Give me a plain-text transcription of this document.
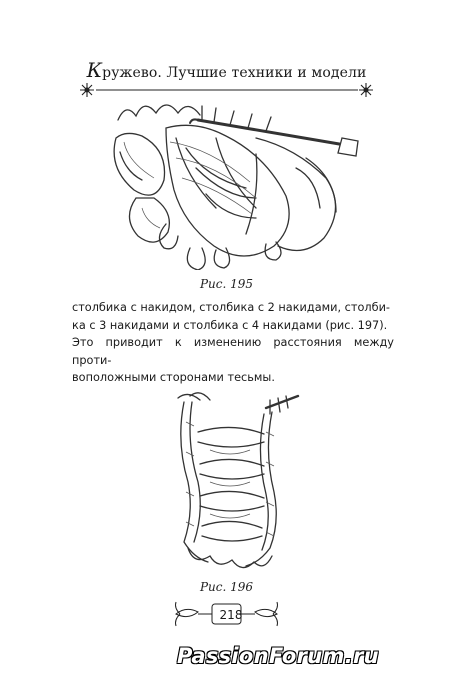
Кружево. Лучшие техники и модели
Рис. 195
столбика с накидом, столбика с 2 накидами, столби-
ка с 3 накидами и столбика с 4 накидами (рис. 197).
Это приводит к изменению расстояния между проти-
воположными сторонами тесьмы.
Рис. 196
218
PassionForum.ru
